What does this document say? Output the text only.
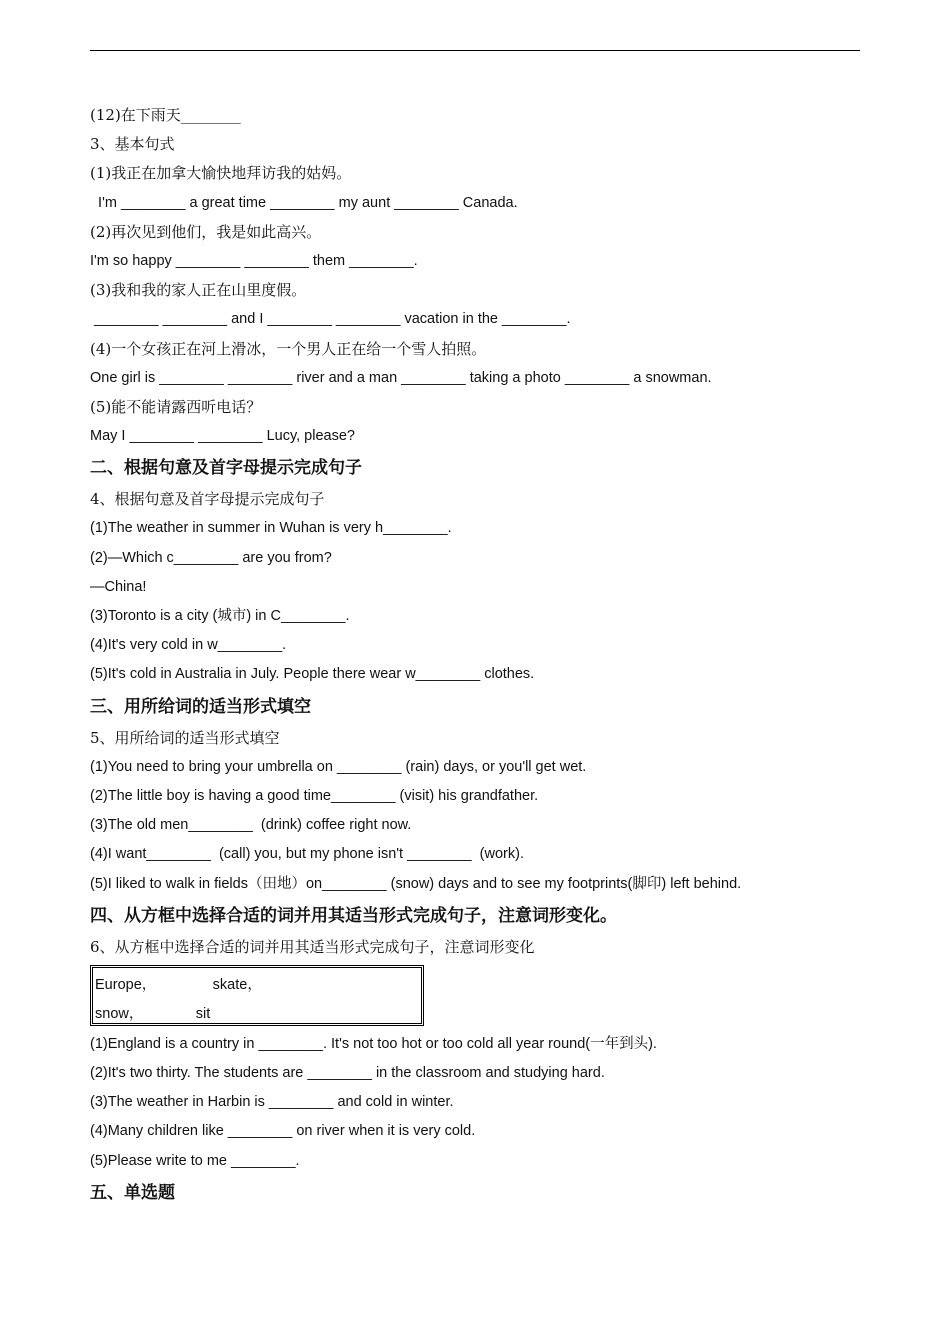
(12)在下雨天________
3、基本句式
(1)我正在加拿大愉快地拜访我的姑妈。
I'm ________ a great time ________ my aunt ________ Canada.
(2)再次见到他们，我是如此高兴。
I'm so happy ________ ________ them ________.
(3)我和我的家人正在山里度假。
________ ________ and I ________ ________ vacation in the ________.
(4)一个女孩正在河上滑冰，一个男人正在给一个雪人拍照。
One girl is ________ ________ river and a man ________ taking a photo ________ a snowman.
(5)能不能请露西听电话？
May I ________ ________ Lucy, please?
二、根据句意及首字母提示完成句子
4、根据句意及首字母提示完成句子
(1)The weather in summer in Wuhan is very h________.
(2)—Which c________ are you from?
—China!
(3)Toronto is a city (城市) in C________.
(4)It's very cold in w________.
(5)It's cold in Australia in July. People there wear w________ clothes.
三、用所给词的适当形式填空
5、用所给词的适当形式填空
(1)You need to bring your umbrella on ________ (rain) days, or you'll get wet.
(2)The little boy is having a good time________ (visit) his grandfather.
(3)The old men________  (drink) coffee right now.
(4)I want________  (call) you, but my phone isn't ________  (work).
(5)I liked to walk in fields（田地）on________ (snow) days and to see my footprints(脚印) left behind.
四、从方框中选择合适的词并用其适当形式完成句子，注意词形变化。
6、从方框中选择合适的词并用其适当形式完成句子，注意词形变化
Europe，              skate，
snow，             sit
(1)England is a country in ________. It's not too hot or too cold all year round(一年到头).
(2)It's two thirty. The students are ________ in the classroom and studying hard.
(3)The weather in Harbin is ________ and cold in winter.
(4)Many children like ________ on river when it is very cold.
(5)Please write to me ________.
五、单选题
